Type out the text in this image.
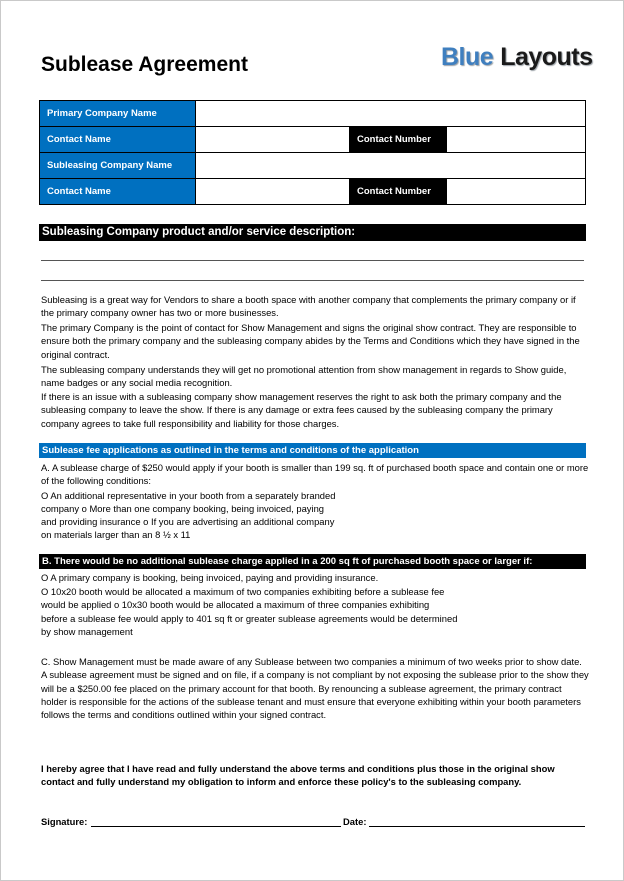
Sublease Agreement	Blue Layouts
Primary Company Name			
Contact Name		Contact Number	
Subleasing Company Name			
Contact Name		Contact Number	
Subleasing Company product and/or service description:

Subleasing is a great way for Vendors to share a booth space with another company that complements the primary company or if the primary company owner has two or more businesses.

The primary Company is the point of contact for Show Management and signs the original show contract. They are responsible to ensure both the primary company and the subleasing company abides by the Terms and Conditions which they have signed in the original contract.

The subleasing company understands they will get no promotional attention from show management in regards to Show guide, name badges or any social media recognition.

If there is an issue with a subleasing company show management reserves the right to ask both the primary company and the subleasing company to leave the show. If there is any damage or extra fees caused by the subleasing company the primary company agrees to take full responsibility and liability for those charges.

Sublease fee applications as outlined in the terms and conditions of the application

A. A sublease charge of $250 would apply if your booth is smaller than 199 sq. ft of purchased booth space and contain one or more of the following conditions:

O An additional representative in your booth from a separately branded

company o More than one company booking, being invoiced, paying

and providing insurance o If you are advertising an additional company

on materials larger than an 8 ½ x 11

B. There would be no additional sublease charge applied in a 200 sq ft of purchased booth space or larger if:

O A primary company is booking, being invoiced, paying and providing insurance.

O 10x20 booth would be allocated a maximum of two companies exhibiting before a sublease fee

would be applied o 10x30 booth would be allocated a maximum of three companies exhibiting

before a sublease fee would apply to 401 sq ft or greater sublease agreements would be determined

by show management

C. Show Management must be made aware of any Sublease between two companies a minimum of two weeks prior to show date. A sublease agreement must be signed and on file, if a company is not compliant by not exposing the sublease prior to the show they will be a $250.00 fee placed on the primary account for that booth. By renouncing a sublease agreement, the primary contract holder is responsible for the actions of the sublease tenant and must ensure that everyone exhibiting within your booth parameters follows the terms and conditions outlined within your signed contract.

I hereby agree that I have read and fully understand the above terms and conditions plus those in the original show contact and fully understand my obligation to inform and enforce these policy's to the subleasing company.

Signature:	Date:
